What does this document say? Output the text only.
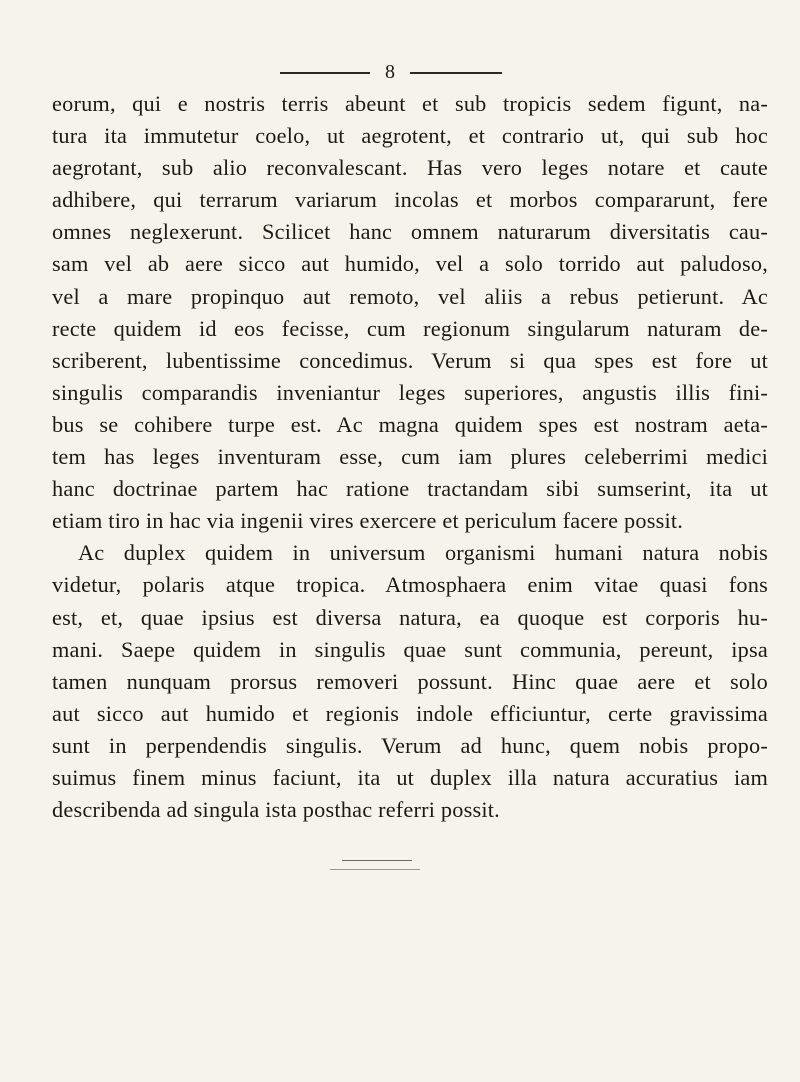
8
eorum, qui e nostris terris abeunt et sub tropicis sedem figunt, na-
tura ita immutetur coelo, ut aegrotent, et contrario ut, qui sub hoc
aegrotant, sub alio reconvalescant. Has vero leges notare et caute
adhibere, qui terrarum variarum incolas et morbos compararunt, fere
omnes neglexerunt. Scilicet hanc omnem naturarum diversitatis cau-
sam vel ab aere sicco aut humido, vel a solo torrido aut paludoso,
vel a mare propinquo aut remoto, vel aliis a rebus petierunt. Ac
recte quidem id eos fecisse, cum regionum singularum naturam de-
scriberent, lubentissime concedimus. Verum si qua spes est fore ut
singulis comparandis inveniantur leges superiores, angustis illis fini-
bus se cohibere turpe est. Ac magna quidem spes est nostram aeta-
tem has leges inventuram esse, cum iam plures celeberrimi medici
hanc doctrinae partem hac ratione tractandam sibi sumserint, ita ut
etiam tiro in hac via ingenii vires exercere et periculum facere possit.
Ac duplex quidem in universum organismi humani natura nobis
videtur, polaris atque tropica. Atmosphaera enim vitae quasi fons
est, et, quae ipsius est diversa natura, ea quoque est corporis hu-
mani. Saepe quidem in singulis quae sunt communia, pereunt, ipsa
tamen nunquam prorsus removeri possunt. Hinc quae aere et solo
aut sicco aut humido et regionis indole efficiuntur, certe gravissima
sunt in perpendendis singulis. Verum ad hunc, quem nobis propo-
suimus finem minus faciunt, ita ut duplex illa natura accuratius iam
describenda ad singula ista posthac referri possit.
